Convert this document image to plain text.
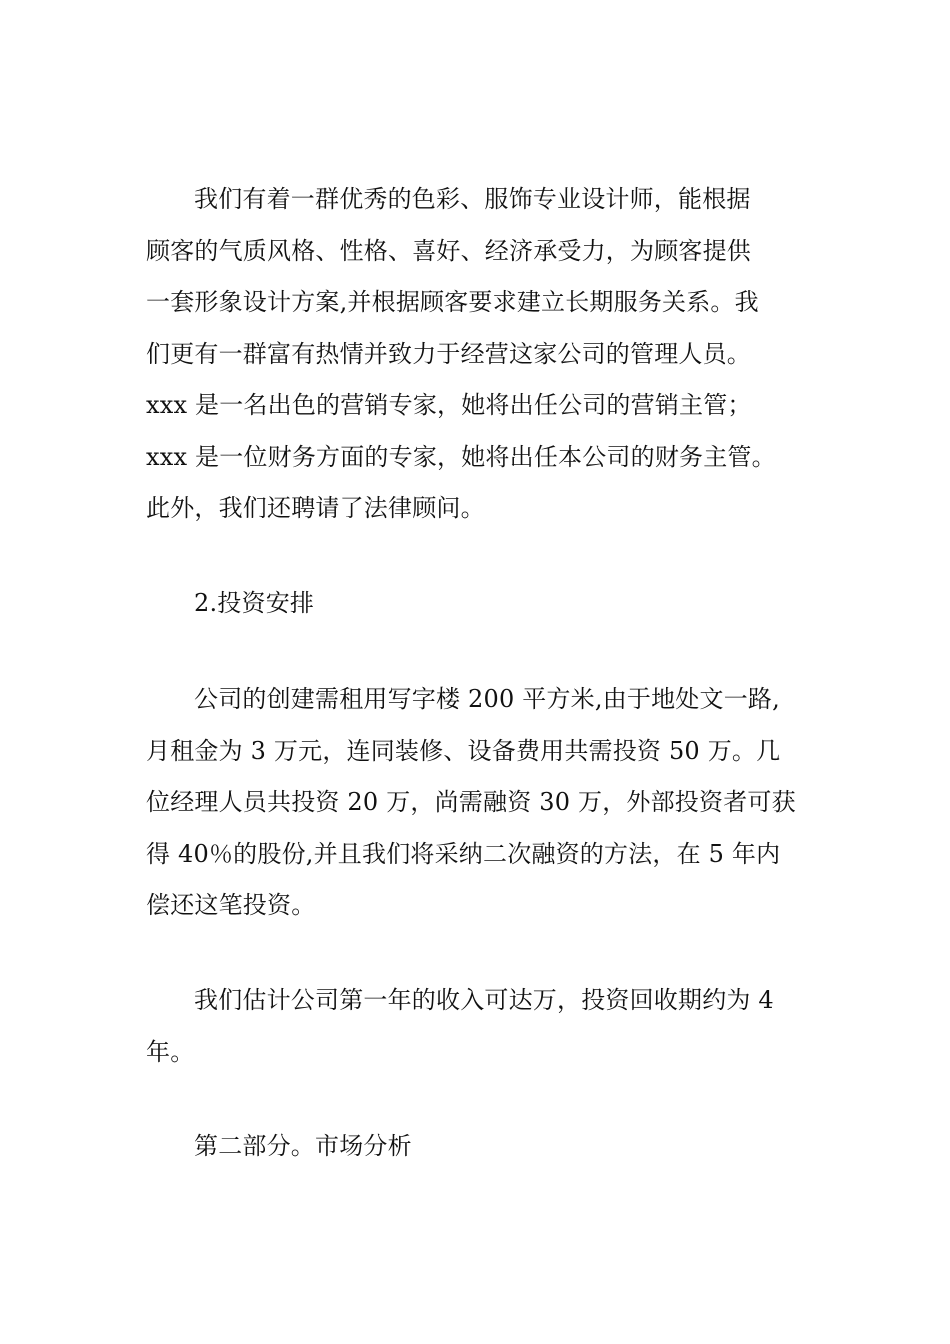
我们有着一群优秀的色彩、服饰专业设计师，能根据
顾客的气质风格、性格、喜好、经济承受力，为顾客提供
一套形象设计方案,并根据顾客要求建立长期服务关系。我
们更有一群富有热情并致力于经营这家公司的管理人员。
xxx 是一名出色的营销专家，她将出任公司的营销主管；
xxx 是一位财务方面的专家，她将出任本公司的财务主管。
此外，我们还聘请了法律顾问。
2.投资安排
公司的创建需租用写字楼 200 平方米,由于地处文一路,
月租金为 3 万元，连同装修、设备费用共需投资 50 万。几
位经理人员共投资 20 万，尚需融资 30 万，外部投资者可获
得 40％的股份,并且我们将采纳二次融资的方法，在 5 年内
偿还这笔投资。
我们估计公司第一年的收入可达万，投资回收期约为 4
年。
第二部分。市场分析
